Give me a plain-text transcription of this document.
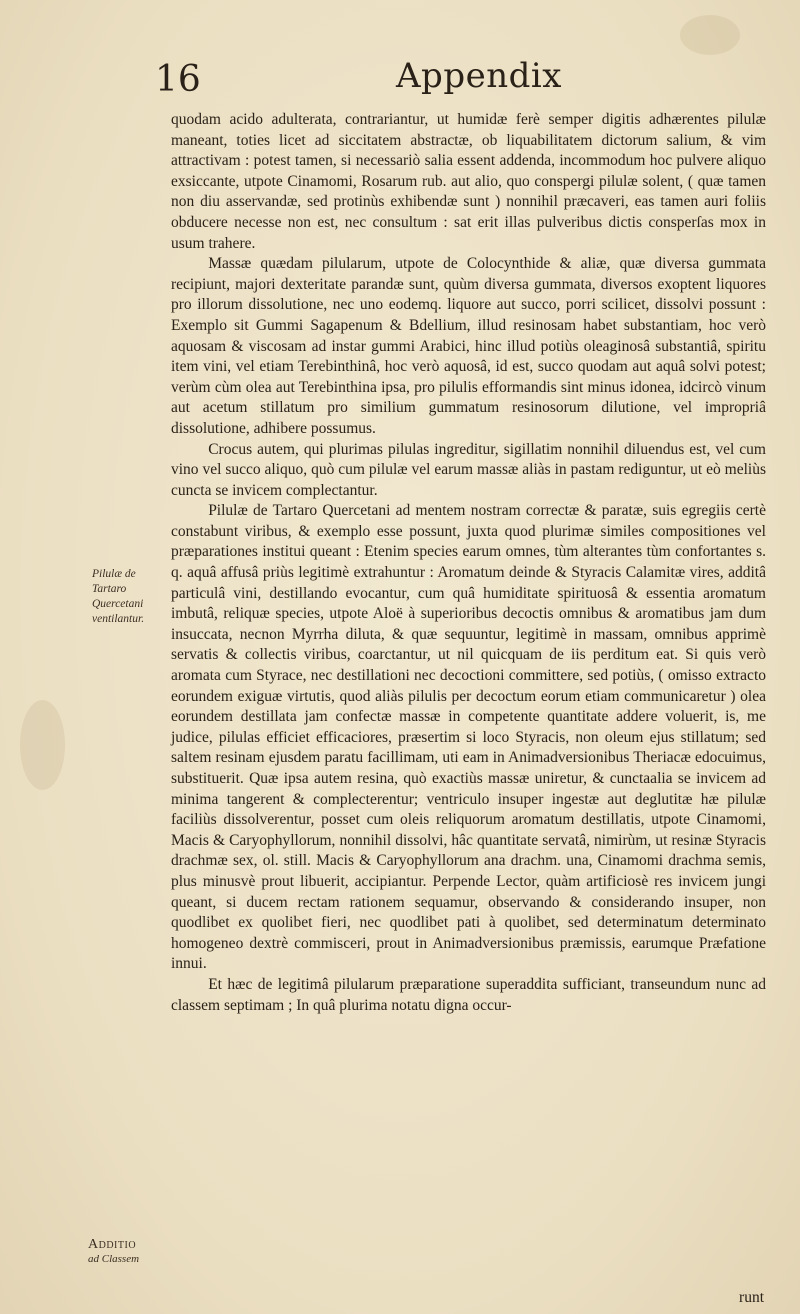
16	Appendix

quodam acido adulterata, contrariantur, ut humidæ ferè semper digitis adhærentes pilulæ maneant, toties licet ad siccitatem abstractæ, ob liquabilitatem dictorum salium, & vim attractivam : potest tamen, si necessariò salia essent addenda, incommodum hoc pulvere aliquo exsiccante, utpote Cinamomi, Rosarum rub. aut alio, quo conspergi pilulæ solent, ( quæ tamen non diu asservandæ, sed protinùs exhibendæ sunt ) nonnihil præcaveri, eas tamen auri foliis obducere necesse non est, nec consultum : sat erit illas pulveribus dictis consperſas mox in usum trahere.

Massæ quædam pilularum, utpote de Colocynthide & aliæ, quæ diversa gummata recipiunt, majori dexteritate parandæ sunt, quùm diversa gummata, diversos exoptent liquores pro illorum dissolutione, nec uno eodemq. liquore aut succo, porri scilicet, dissolvi possunt : Exemplo sit Gummi Sagapenum & Bdellium, illud resinosam habet substantiam, hoc verò aquosam & viscosam ad instar gummi Arabici, hinc illud potiùs oleaginosâ substantiâ, spiritu item vini, vel etiam Terebinthinâ, hoc verò aquosâ, id est, succo quodam aut aquâ solvi potest; verùm cùm olea aut Terebinthina ipsa, pro pilulis efformandis sint minus idonea, idcircò vinum aut acetum stillatum pro similium gummatum resinosorum dilutione, vel impropriâ dissolutione, adhibere possumus.

Crocus autem, qui plurimas pilulas ingreditur, sigillatim nonnihil diluendus est, vel cum vino vel succo aliquo, quò cum pilulæ vel earum massæ aliàs in pastam rediguntur, ut eò meliùs cuncta se invicem complectantur.

Pilulæ de Tartaro Quercetani ad mentem nostram correctæ & paratæ, suis egregiis certè constabunt viribus, & exemplo esse possunt, juxta quod plurimæ similes compositiones vel præparationes institui queant : Etenim species earum omnes, tùm alterantes tùm confortantes s. q. aquâ affusâ priùs legitimè extrahuntur : Aromatum deinde & Styracis Calamitæ vires, additâ particulâ vini, destillando evocantur, cum quâ humiditate spirituosâ & essentia aromatum imbutâ, reliquæ species, utpote Aloë à superioribus decoctis omnibus & aromatibus jam dum insuccata, necnon Myrrha diluta, & quæ sequuntur, legitimè in massam, omnibus apprimè servatis & collectis viribus, coarctantur, ut nil quicquam de iis perditum eat. Si quis verò aromata cum Styrace, nec destillationi nec decoctioni committere, sed potiùs, ( omisso extracto eorundem exiguæ virtutis, quod aliàs pilulis per decoctum eorum etiam communicaretur ) olea eorundem destillata jam confectæ massæ in competente quantitate addere voluerit, is, me judice, pilulas efficiet efficaciores, præsertim si loco Styracis, non oleum ejus stillatum; sed saltem resinam ejusdem paratu facillimam, uti eam in Animadversionibus Theriacæ edocuimus, substituerit. Quæ ipsa autem resina, quò exactiùs massæ uniretur, & cunctaalia se invicem ad minima tangerent & complecterentur; ventriculo insuper ingestæ aut deglutitæ hæ pilulæ faciliùs dissolverentur, posset cum oleis reliquorum aromatum destillatis, utpote Cinamomi, Macis & Caryophyllorum, nonnihil dissolvi, hâc quantitate servatâ, nimirùm, ut resinæ Styracis drachmæ sex, ol. still. Macis & Caryophyllorum ana drachm. una, Cinamomi drachma semis, plus minusvè prout libuerit, accipiantur. Perpende Lector, quàm artificiosè res invicem jungi queant, si ducem rectam rationem sequamur, observando & considerando insuper, non quodlibet ex quolibet fieri, nec quodlibet pati à quolibet, sed determinatum determinato homogeneo dextrè commisceri, prout in Animadversionibus præmissis, earumque Præfatione innui.

Et hæc de legitimâ pilularum præparatione superaddita sufficiant, transeundum nunc ad classem septimam ; In quâ plurima notatu digna occur-

runt
Pilulæ de Tartaro Quercetani ventilantur.
Additio
ad Classem
